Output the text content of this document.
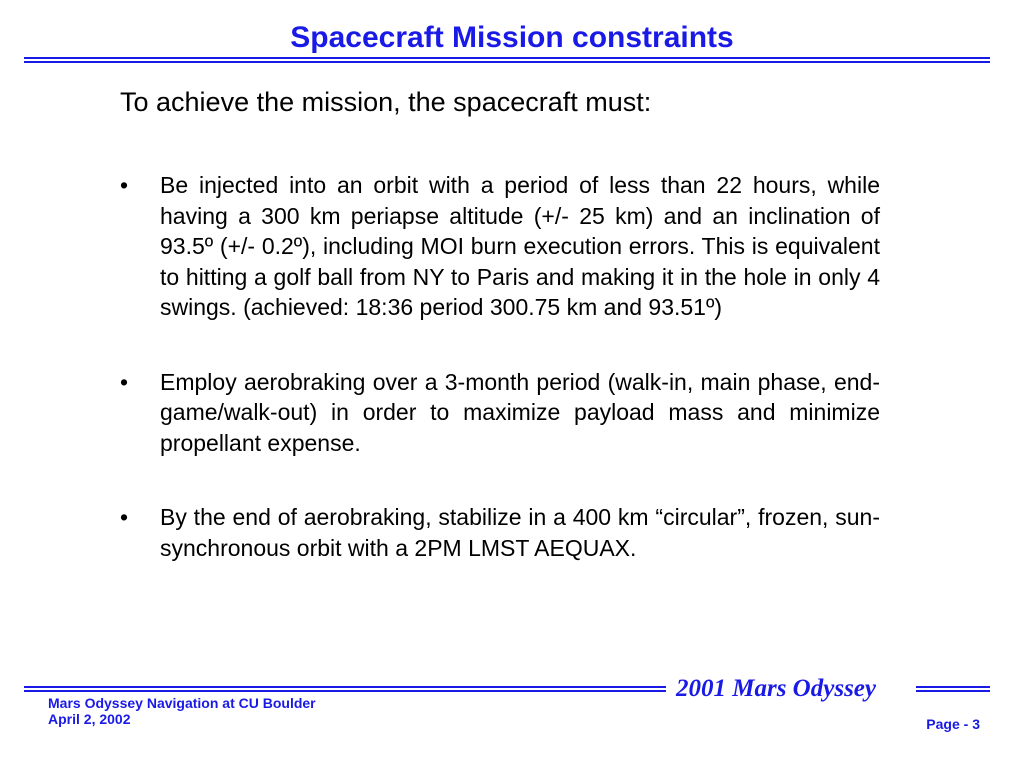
Spacecraft Mission constraints
To achieve the mission, the spacecraft must:
• Be injected into an orbit with a period of less than 22 hours, while having a 300 km periapse altitude (+/- 25 km) and an inclination of 93.5º (+/- 0.2º), including MOI burn execution errors. This is equivalent to hitting a golf ball from NY to Paris and making it in the hole in only 4 swings. (achieved: 18:36 period 300.75 km and 93.51º)
• Employ aerobraking over a 3-month period (walk-in, main phase, end-game/walk-out) in order to maximize payload mass and minimize propellant expense.
• By the end of aerobraking, stabilize in a 400 km “circular”, frozen, sun-synchronous orbit with a 2PM LMST AEQUAX.
2001 Mars Odyssey
Mars Odyssey Navigation at CU Boulder
April 2, 2002	Page - 3
